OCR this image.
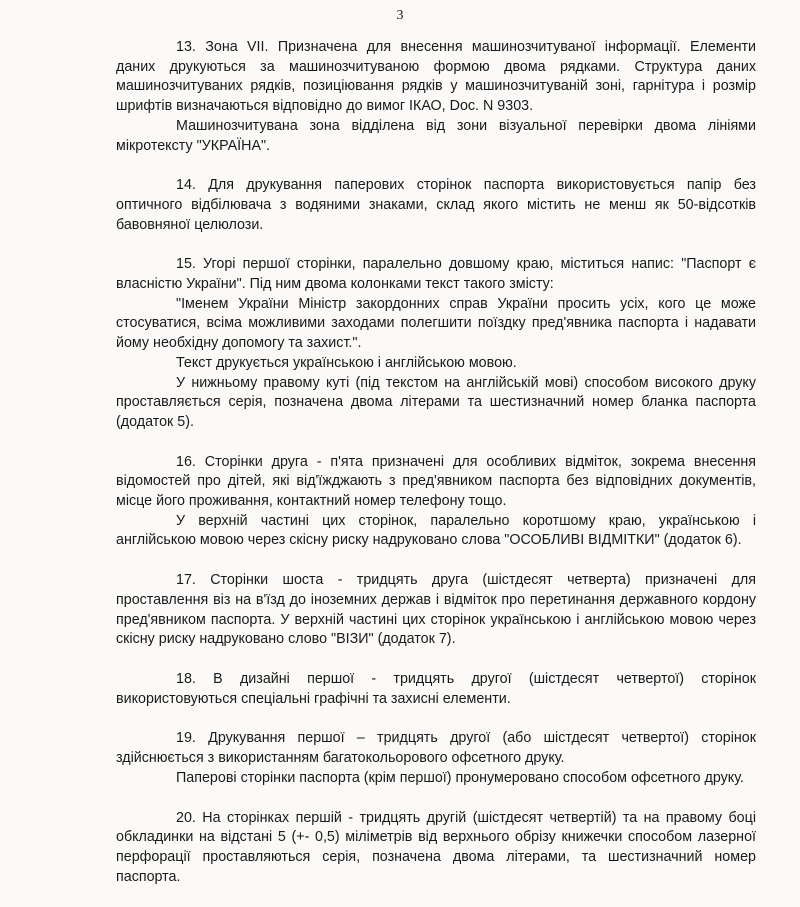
3

13. Зона VII. Призначена для внесення машинозчитуваної інформації. Елементи даних друкуються за машинозчитуваною формою двома рядками. Структура даних машинозчитуваних рядків, позиціювання рядків у машинозчитуваній зоні, гарнітура і розмір шрифтів визначаються відповідно до вимог ІКАО, Doc. N 9303.

Машинозчитувана зона відділена від зони візуальної перевірки двома лініями мікротексту "УКРАЇНА".

14. Для друкування паперових сторінок паспорта використовується папір без оптичного відбілювача з водяними знаками, склад якого містить не менш як 50-відсотків бавовняної целюлози.

15. Угорі першої сторінки, паралельно довшому краю, міститься напис: "Паспорт є власністю України". Під ним двома колонками текст такого змісту:

"Іменем України Міністр закордонних справ України просить усіх, кого це може стосуватися, всіма можливими заходами полегшити поїздку пред'явника паспорта і надавати йому необхідну допомогу та захист.".

Текст друкується українською і англійською мовою.

У нижньому правому куті (під текстом на англійській мові) способом високого друку проставляється серія, позначена двома літерами та шестизначний номер бланка паспорта (додаток 5).

16. Сторінки друга - п'ята призначені для особливих відміток, зокрема внесення відомостей про дітей, які від'їжджають з пред'явником паспорта без відповідних документів, місце його проживання, контактний номер телефону тощо.

У верхній частині цих сторінок, паралельно коротшому краю, українською і англійською мовою через скісну риску надруковано слова "ОСОБЛИВІ ВІДМІТКИ" (додаток 6).

17. Сторінки шоста - тридцять друга (шістдесят четверта) призначені для проставлення віз на в'їзд до іноземних держав і відміток про перетинання державного кордону пред'явником паспорта. У верхній частині цих сторінок українською і англійською мовою через скісну риску надруковано слово "ВІЗИ" (додаток 7).

18. В дизайні першої - тридцять другої (шістдесят четвертої) сторінок використовуються спеціальні графічні та захисні елементи.

19. Друкування першої – тридцять другої (або шістдесят четвертої) сторінок здійснюється з використанням багатокольорового офсетного друку.

Паперові сторінки паспорта (крім першої) пронумеровано способом офсетного друку.

20. На сторінках першій - тридцять другій (шістдесят четвертій) та на правому боці обкладинки на відстані 5 (+- 0,5) міліметрів від верхнього обрізу книжечки способом лазерної перфорації проставляються серія, позначена двома літерами, та шестизначний номер паспорта.
